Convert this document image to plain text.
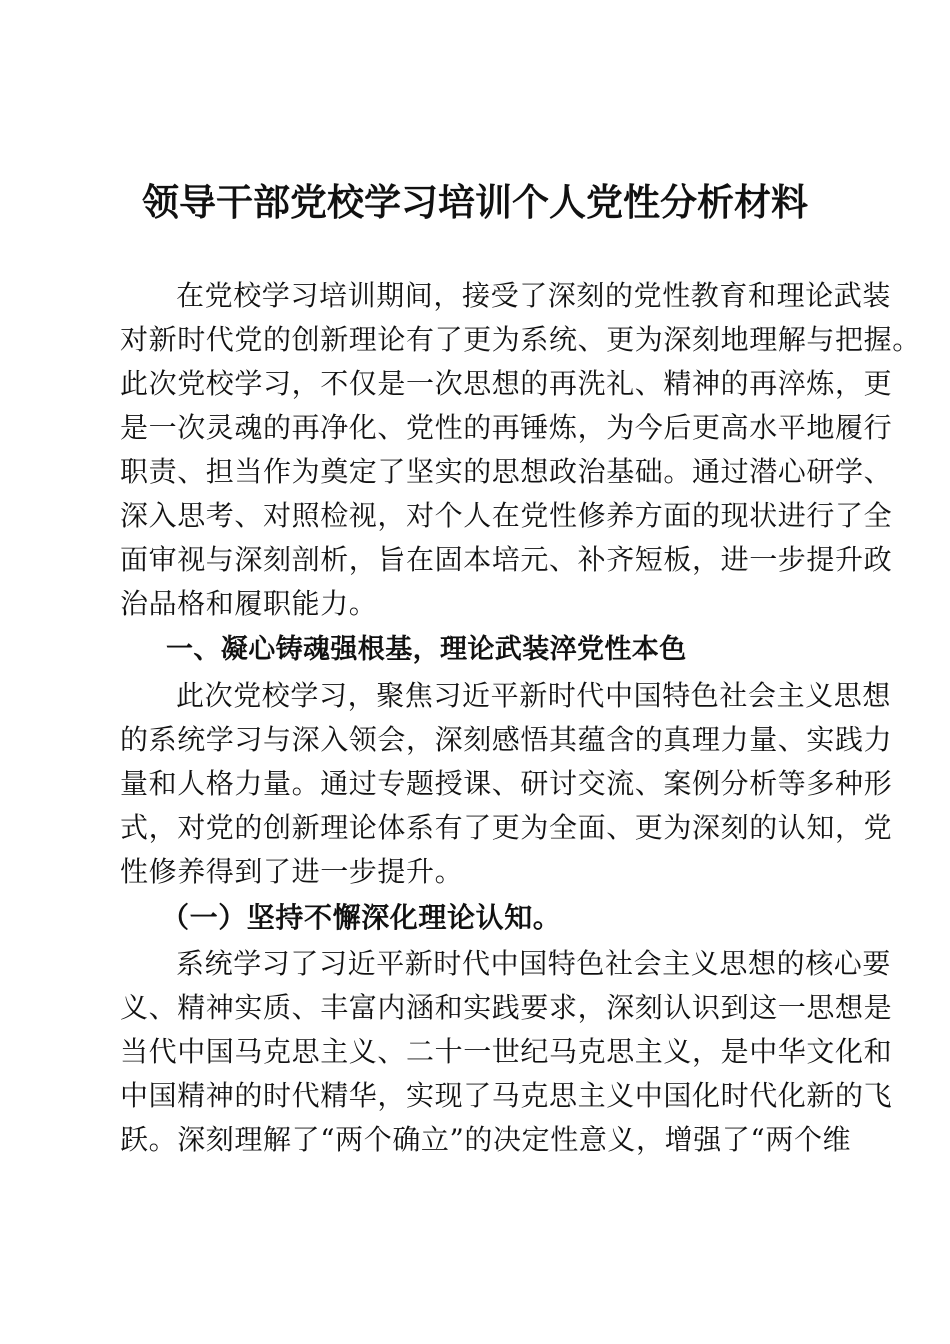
领导干部党校学习培训个人党性分析材料
在党校学习培训期间，接受了深刻的党性教育和理论武装
对新时代党的创新理论有了更为系统、更为深刻地理解与把握。
此次党校学习，不仅是一次思想的再洗礼、精神的再淬炼，更
是一次灵魂的再净化、党性的再锤炼，为今后更高水平地履行
职责、担当作为奠定了坚实的思想政治基础。通过潜心研学、
深入思考、对照检视，对个人在党性修养方面的现状进行了全
面审视与深刻剖析，旨在固本培元、补齐短板，进一步提升政
治品格和履职能力。
一、凝心铸魂强根基，理论武装淬党性本色
此次党校学习，聚焦习近平新时代中国特色社会主义思想
的系统学习与深入领会，深刻感悟其蕴含的真理力量、实践力
量和人格力量。通过专题授课、研讨交流、案例分析等多种形
式，对党的创新理论体系有了更为全面、更为深刻的认知，党
性修养得到了进一步提升。
（一）坚持不懈深化理论认知。
系统学习了习近平新时代中国特色社会主义思想的核心要
义、精神实质、丰富内涵和实践要求，深刻认识到这一思想是
当代中国马克思主义、二十一世纪马克思主义，是中华文化和
中国精神的时代精华，实现了马克思主义中国化时代化新的飞
跃。深刻理解了“两个确立”的决定性意义，增强了“两个维
